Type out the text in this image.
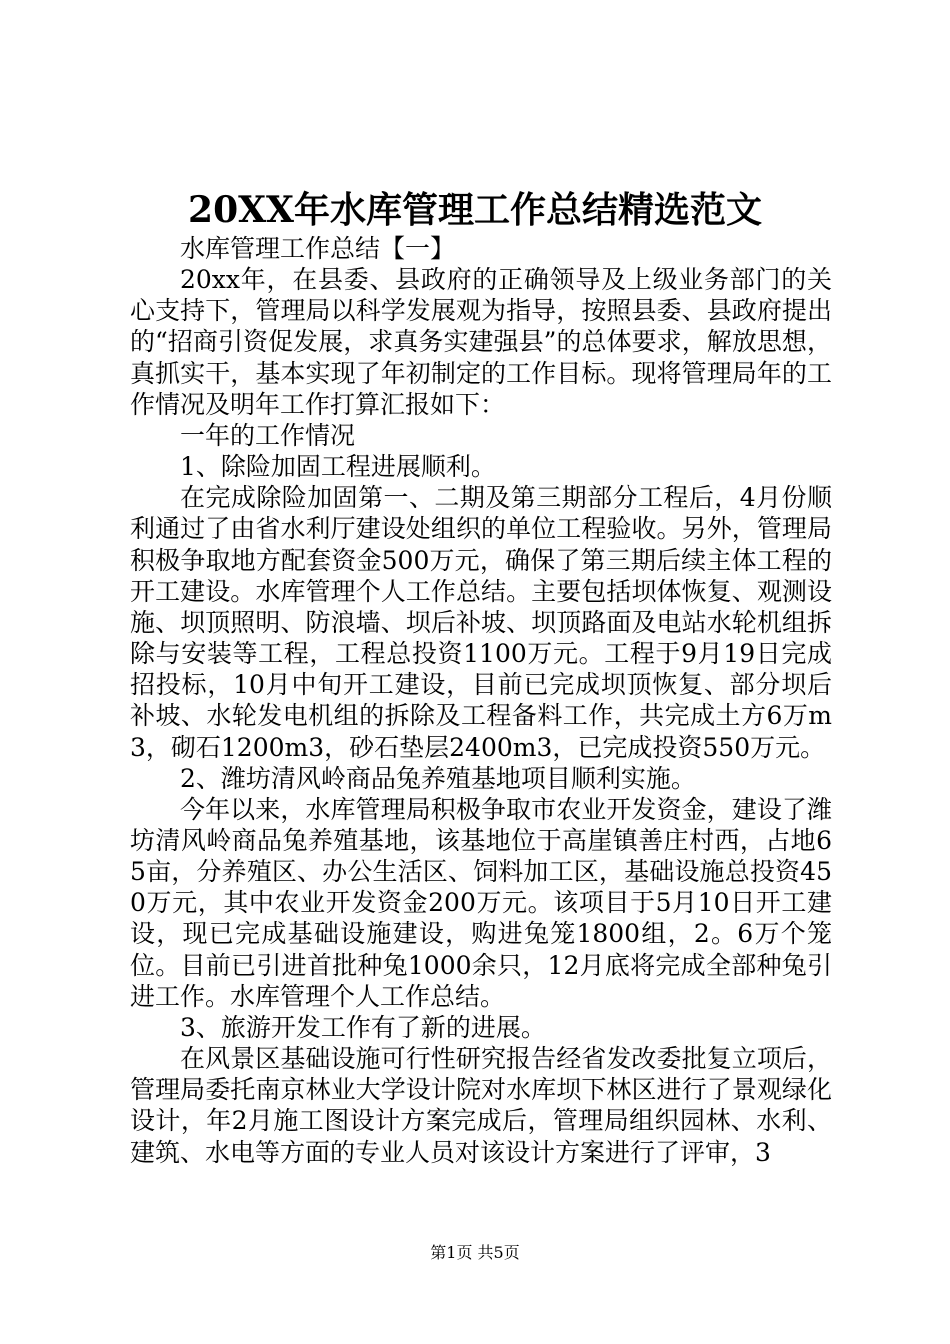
20XX年水库管理工作总结精选范文

水库管理工作总结【一】

20xx年，在县委、县政府的正确领导及上级业务部门的关心支持下，管理局以科学发展观为指导，按照县委、县政府提出的“招商引资促发展，求真务实建强县”的总体要求，解放思想，真抓实干，基本实现了年初制定的工作目标。现将管理局年的工作情况及明年工作打算汇报如下：

一年的工作情况

1、除险加固工程进展顺利。

在完成除险加固第一、二期及第三期部分工程后，4月份顺利通过了由省水利厅建设处组织的单位工程验收。另外，管理局积极争取地方配套资金500万元，确保了第三期后续主体工程的开工建设。水库管理个人工作总结。主要包括坝体恢复、观测设施、坝顶照明、防浪墙、坝后补坡、坝顶路面及电站水轮机组拆除与安装等工程，工程总投资1100万元。工程于9月19日完成招投标，10月中旬开工建设，目前已完成坝顶恢复、部分坝后补坡、水轮发电机组的拆除及工程备料工作，共完成土方6万m3，砌石1200m3，砂石垫层2400m3，已完成投资550万元。

2、潍坊清风岭商品兔养殖基地项目顺利实施。

今年以来，水库管理局积极争取市农业开发资金，建设了潍坊清风岭商品兔养殖基地，该基地位于高崖镇善庄村西，占地65亩，分养殖区、办公生活区、饲料加工区，基础设施总投资450万元，其中农业开发资金200万元。该项目于5月10日开工建设，现已完成基础设施建设，购进兔笼1800组，2。6万个笼位。目前已引进首批种兔1000余只，12月底将完成全部种兔引进工作。水库管理个人工作总结。

3、旅游开发工作有了新的进展。

在风景区基础设施可行性研究报告经省发改委批复立项后，管理局委托南京林业大学设计院对水库坝下林区进行了景观绿化设计，年2月施工图设计方案完成后，管理局组织园林、水利、建筑、水电等方面的专业人员对该设计方案进行了评审，3

第1页 共5页
